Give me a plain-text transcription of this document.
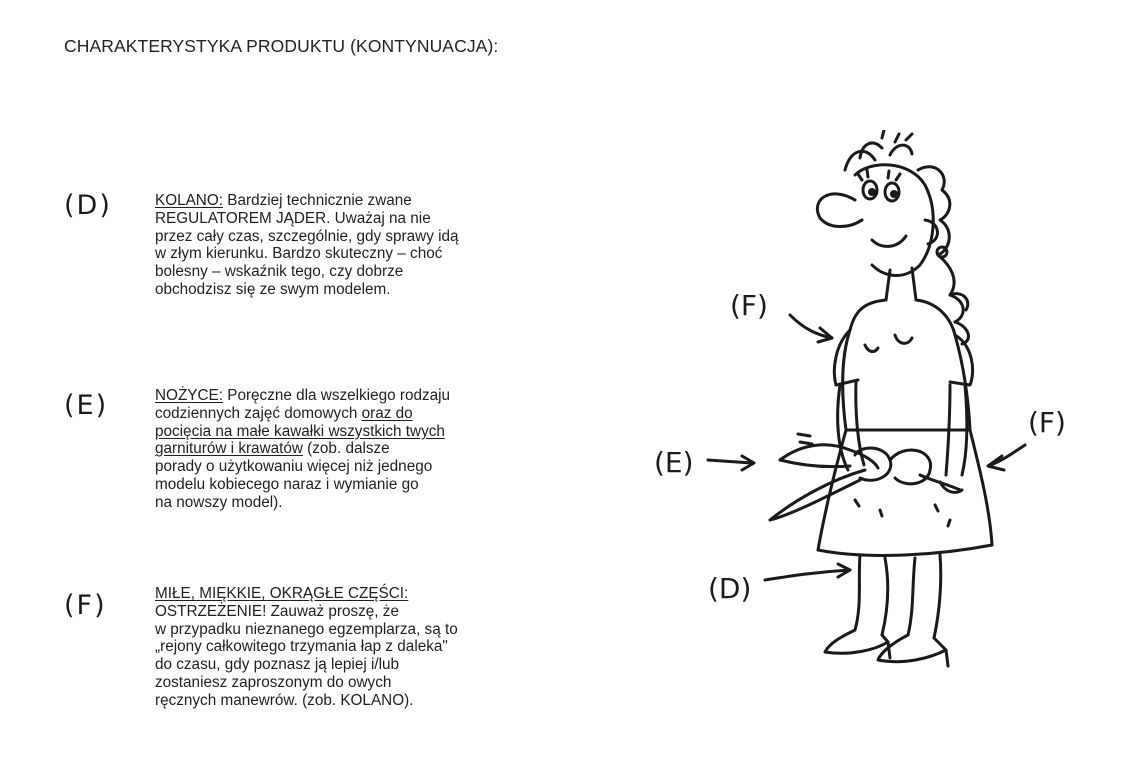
CHARAKTERYSTYKA PRODUKTU (KONTYNUACJA):
(D)	KOLANO: Bardziej technicznie zwane
REGULATOREM JĄDER. Uważaj na nie
przez cały czas, szczególnie, gdy sprawy idą
w złym kierunku. Bardzo skuteczny – choć
bolesny – wskaźnik tego, czy dobrze
obchodzisz się ze swym modelem.
(E)	NOŻYCE: Poręczne dla wszelkiego rodzaju
codziennych zajęć domowych oraz do
pocięcia na małe kawałki wszystkich twych
garniturów i krawatów (zob. dalsze
porady o użytkowaniu więcej niż jednego
modelu kobiecego naraz i wymianie go
na nowszy model).
(F)	MIŁE, MIĘKKIE, OKRĄGŁE CZĘŚCI:
OSTRZEŻENIE! Zauważ proszę, że
w przypadku nieznanego egzemplarza, są to
„rejony całkowitego trzymania łap z daleka"
do czasu, gdy poznasz ją lepiej i/lub
zostaniesz zaproszonym do owych
ręcznych manewrów. (zob. KOLANO).
(F)
(F)
(E)
(D)
